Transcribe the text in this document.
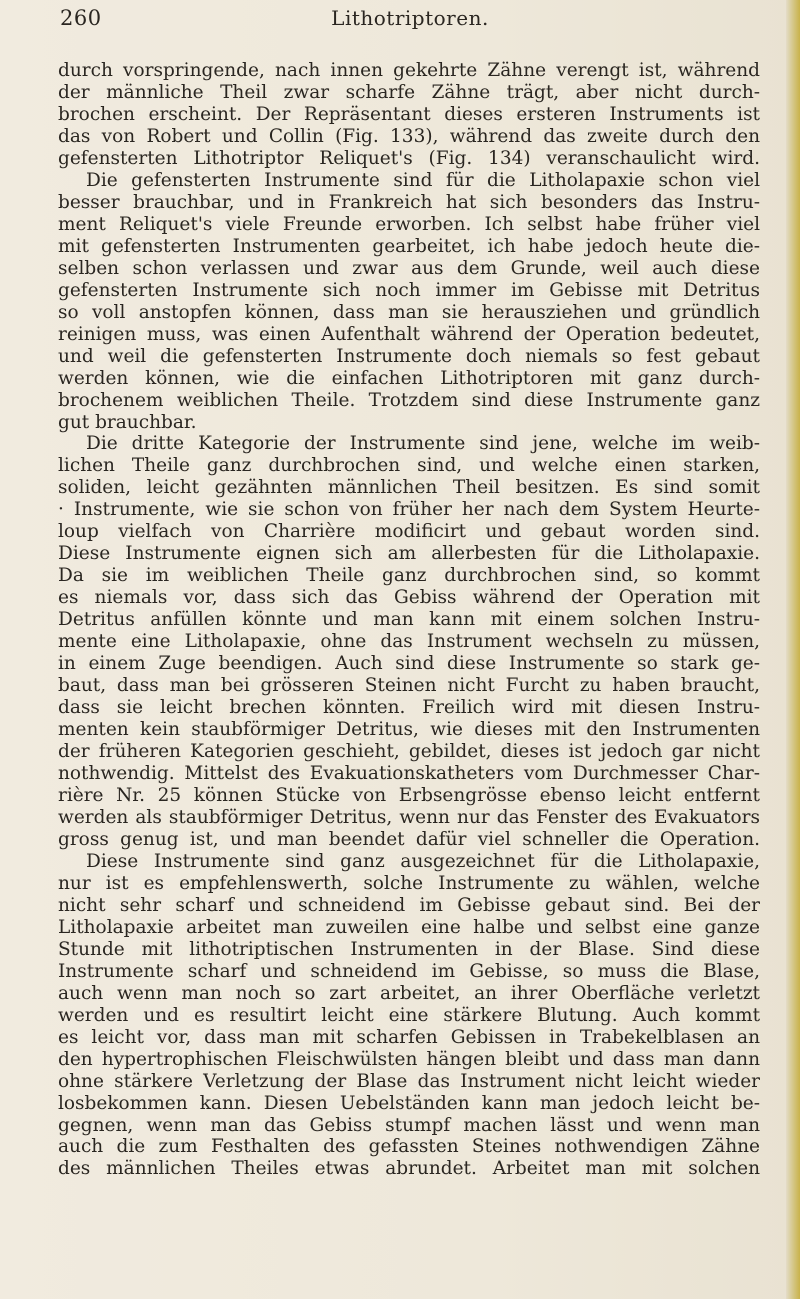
260	Lithotriptoren.
durch vorspringende, nach innen gekehrte Zähne verengt ist, während
der männliche Theil zwar scharfe Zähne trägt, aber nicht durch-
brochen erscheint. Der Repräsentant dieses ersteren Instruments ist
das von Robert und Collin (Fig. 133), während das zweite durch den
gefensterten Lithotriptor Reliquet's (Fig. 134) veranschaulicht wird.
Die gefensterten Instrumente sind für die Litholapaxie schon viel
besser brauchbar, und in Frankreich hat sich besonders das Instru-
ment Reliquet's viele Freunde erworben. Ich selbst habe früher viel
mit gefensterten Instrumenten gearbeitet, ich habe jedoch heute die-
selben schon verlassen und zwar aus dem Grunde, weil auch diese
gefensterten Instrumente sich noch immer im Gebisse mit Detritus
so voll anstopfen können, dass man sie herausziehen und gründlich
reinigen muss, was einen Aufenthalt während der Operation bedeutet,
und weil die gefensterten Instrumente doch niemals so fest gebaut
werden können, wie die einfachen Lithotriptoren mit ganz durch-
brochenem weiblichen Theile. Trotzdem sind diese Instrumente ganz
gut brauchbar.
Die dritte Kategorie der Instrumente sind jene, welche im weib-
lichen Theile ganz durchbrochen sind, und welche einen starken,
soliden, leicht gezähnten männlichen Theil besitzen. Es sind somit
· Instrumente, wie sie schon von früher her nach dem System Heurte-
loup vielfach von Charrière modificirt und gebaut worden sind.
Diese Instrumente eignen sich am allerbesten für die Litholapaxie.
Da sie im weiblichen Theile ganz durchbrochen sind, so kommt
es niemals vor, dass sich das Gebiss während der Operation mit
Detritus anfüllen könnte und man kann mit einem solchen Instru-
mente eine Litholapaxie, ohne das Instrument wechseln zu müssen,
in einem Zuge beendigen. Auch sind diese Instrumente so stark ge-
baut, dass man bei grösseren Steinen nicht Furcht zu haben braucht,
dass sie leicht brechen könnten. Freilich wird mit diesen Instru-
menten kein staubförmiger Detritus, wie dieses mit den Instrumenten
der früheren Kategorien geschieht, gebildet, dieses ist jedoch gar nicht
nothwendig. Mittelst des Evakuationskatheters vom Durchmesser Char-
rière Nr. 25 können Stücke von Erbsengrösse ebenso leicht entfernt
werden als staubförmiger Detritus, wenn nur das Fenster des Evakuators
gross genug ist, und man beendet dafür viel schneller die Operation.
Diese Instrumente sind ganz ausgezeichnet für die Litholapaxie,
nur ist es empfehlenswerth, solche Instrumente zu wählen, welche
nicht sehr scharf und schneidend im Gebisse gebaut sind. Bei der
Litholapaxie arbeitet man zuweilen eine halbe und selbst eine ganze
Stunde mit lithotriptischen Instrumenten in der Blase. Sind diese
Instrumente scharf und schneidend im Gebisse, so muss die Blase,
auch wenn man noch so zart arbeitet, an ihrer Oberfläche verletzt
werden und es resultirt leicht eine stärkere Blutung. Auch kommt
es leicht vor, dass man mit scharfen Gebissen in Trabekelblasen an
den hypertrophischen Fleischwülsten hängen bleibt und dass man dann
ohne stärkere Verletzung der Blase das Instrument nicht leicht wieder
losbekommen kann. Diesen Uebelständen kann man jedoch leicht be-
gegnen, wenn man das Gebiss stumpf machen lässt und wenn man
auch die zum Festhalten des gefassten Steines nothwendigen Zähne
des männlichen Theiles etwas abrundet. Arbeitet man mit solchen
